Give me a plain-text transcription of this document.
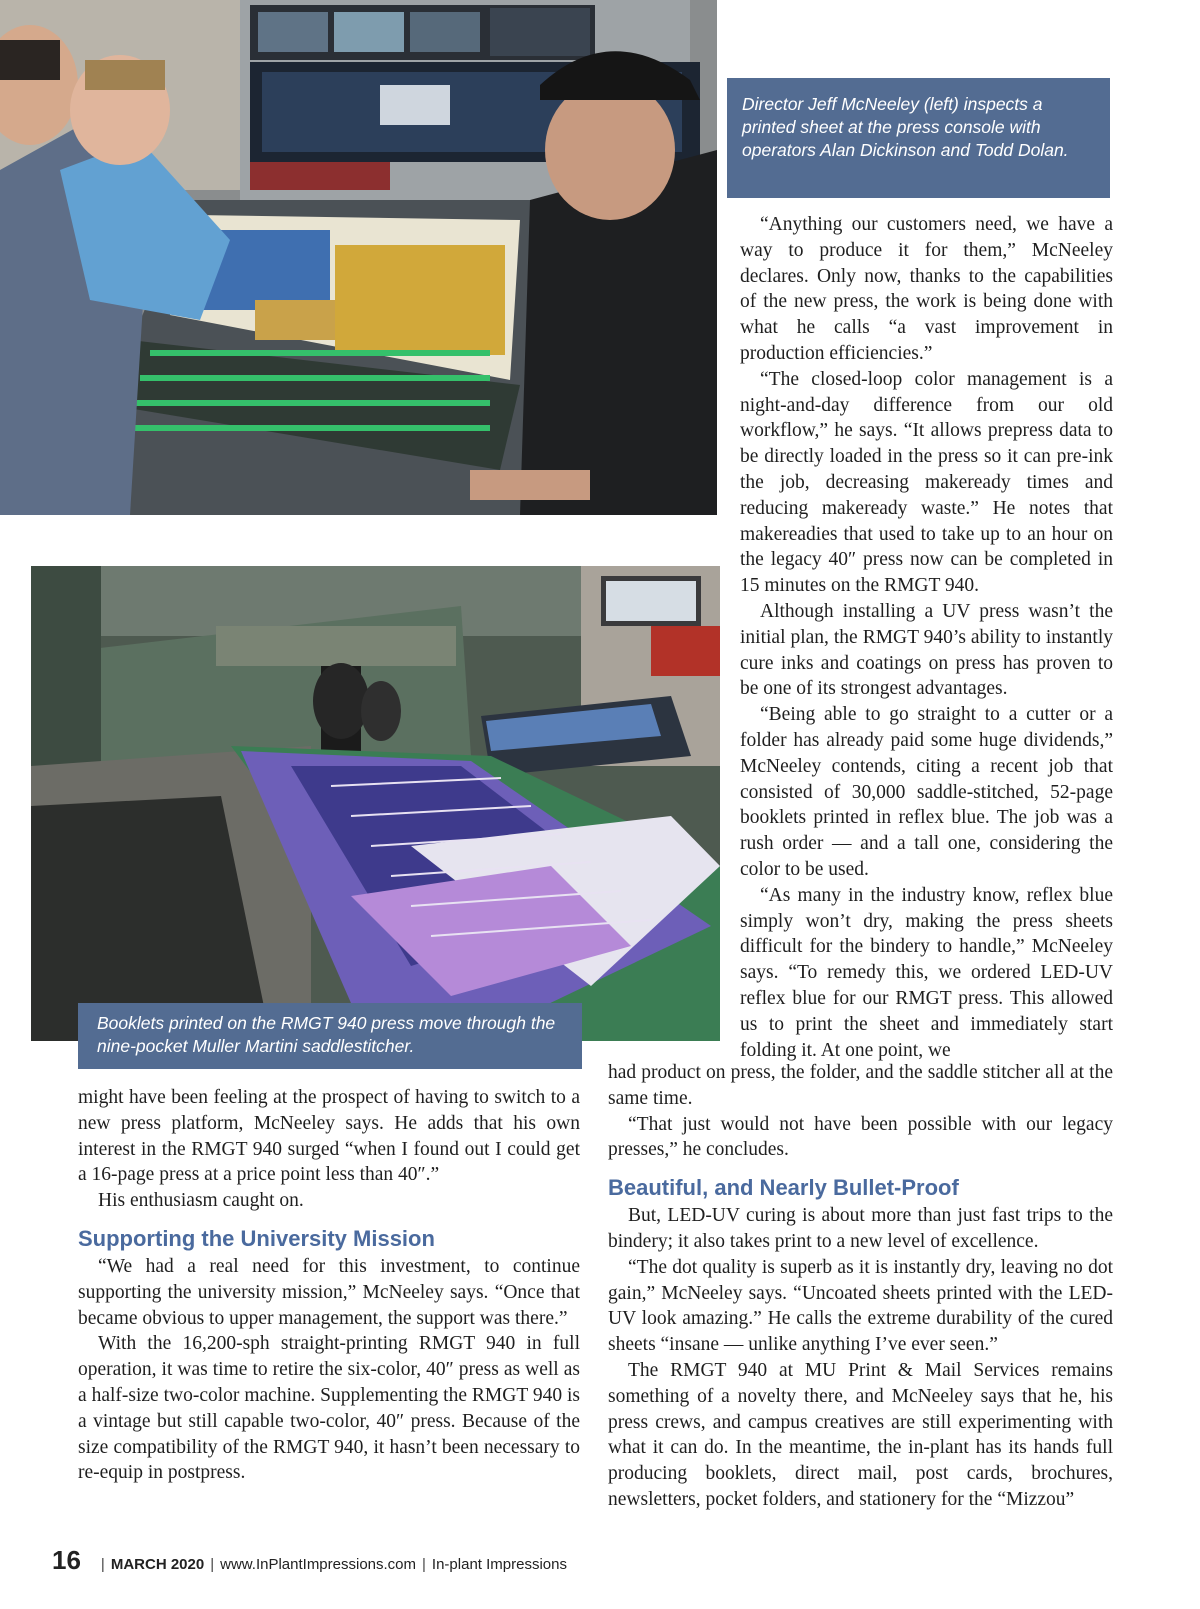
Director Jeff McNeeley (left) inspects a printed sheet at the press console with operators Alan Dickinson and Todd Dolan.

Booklets printed on the RMGT 940 press move through the nine-pocket Muller Martini saddlestitcher.

“Anything our customers need, we have a way to produce it for them,” McNeeley declares. Only now, thanks to the capabilities of the new press, the work is being done with what he calls “a vast improvement in production efficiencies.”

“The closed-loop color management is a night-and-day difference from our old workflow,” he says. “It allows prepress data to be directly loaded in the press so it can pre-ink the job, decreasing makeready times and reducing makeready waste.” He notes that makereadies that used to take up to an hour on the legacy 40″ press now can be completed in 15 minutes on the RMGT 940.

Although installing a UV press wasn’t the initial plan, the RMGT 940’s ability to instantly cure inks and coatings on press has proven to be one of its strongest advantages.

“Being able to go straight to a cutter or a folder has already paid some huge dividends,” McNeeley contends, citing a recent job that consisted of 30,000 saddle-stitched, 52-page booklets printed in reflex blue. The job was a rush order — and a tall one, considering the color to be used.

“As many in the industry know, reflex blue simply won’t dry, making the press sheets difficult for the bindery to handle,” McNeeley says. “To remedy this, we ordered LED-UV reflex blue for our RMGT press. This allowed us to print the sheet and immediately start folding it. At one point, we

might have been feeling at the prospect of having to switch to a new press platform, McNeeley says. He adds that his own interest in the RMGT 940 surged “when I found out I could get a 16-page press at a price point less than 40″.”

His enthusiasm caught on.

Supporting the University Mission

“We had a real need for this investment, to continue supporting the university mission,” McNeeley says. “Once that became obvious to upper management, the support was there.”

With the 16,200-sph straight-printing RMGT 940 in full operation, it was time to retire the six-color, 40″ press as well as a half-size two-color machine. Supplementing the RMGT 940 is a vintage but still capable two-color, 40″ press. Because of the size compatibility of the RMGT 940, it hasn’t been necessary to re-equip in postpress.

had product on press, the folder, and the saddle stitcher all at the same time.

“That just would not have been possible with our legacy presses,” he concludes.

Beautiful, and Nearly Bullet-Proof

But, LED-UV curing is about more than just fast trips to the bindery; it also takes print to a new level of excellence.

“The dot quality is superb as it is instantly dry, leaving no dot gain,” McNeeley says. “Uncoated sheets printed with the LED-UV look amazing.” He calls the extreme durability of the cured sheets “insane — unlike anything I’ve ever seen.”

The RMGT 940 at MU Print & Mail Services remains something of a novelty there, and McNeeley says that he, his press crews, and campus creatives are still experimenting with what it can do. In the meantime, the in-plant has its hands full producing booklets, direct mail, post cards, brochures, newsletters, pocket folders, and stationery for the “Mizzou”

16 | MARCH 2020 | www.InPlantImpressions.com | In-plant Impressions
